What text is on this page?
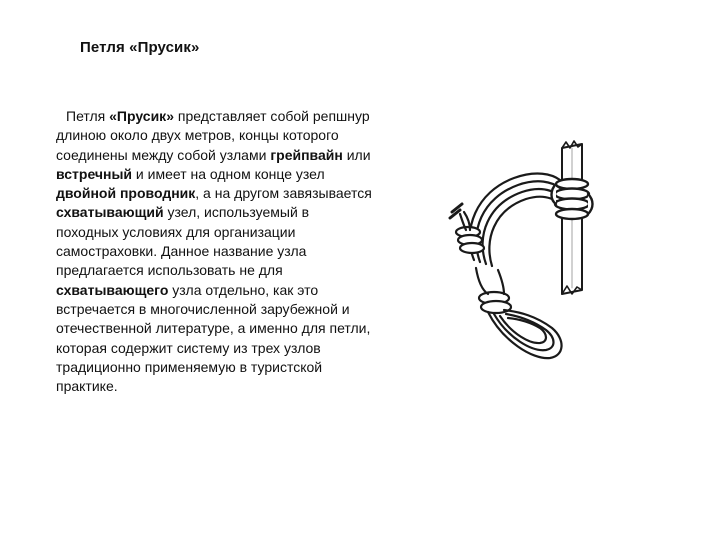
Петля «Прусик»

Петля «Прусик» представляет собой репшнур длиною около двух метров, концы которого соединены между собой узлами грейпвайн или встречный и имеет на одном конце узел двойной проводник, а на другом завязывается схватывающий узел, используемый в походных условиях для организации самостраховки. Данное название узла предлагается использовать не для схватывающего узла отдельно, как это встречается в многочисленной зарубежной и отечественной литературе, а именно для петли, которая содержит систему из трех узлов традиционно применяемую в туристской практике.
